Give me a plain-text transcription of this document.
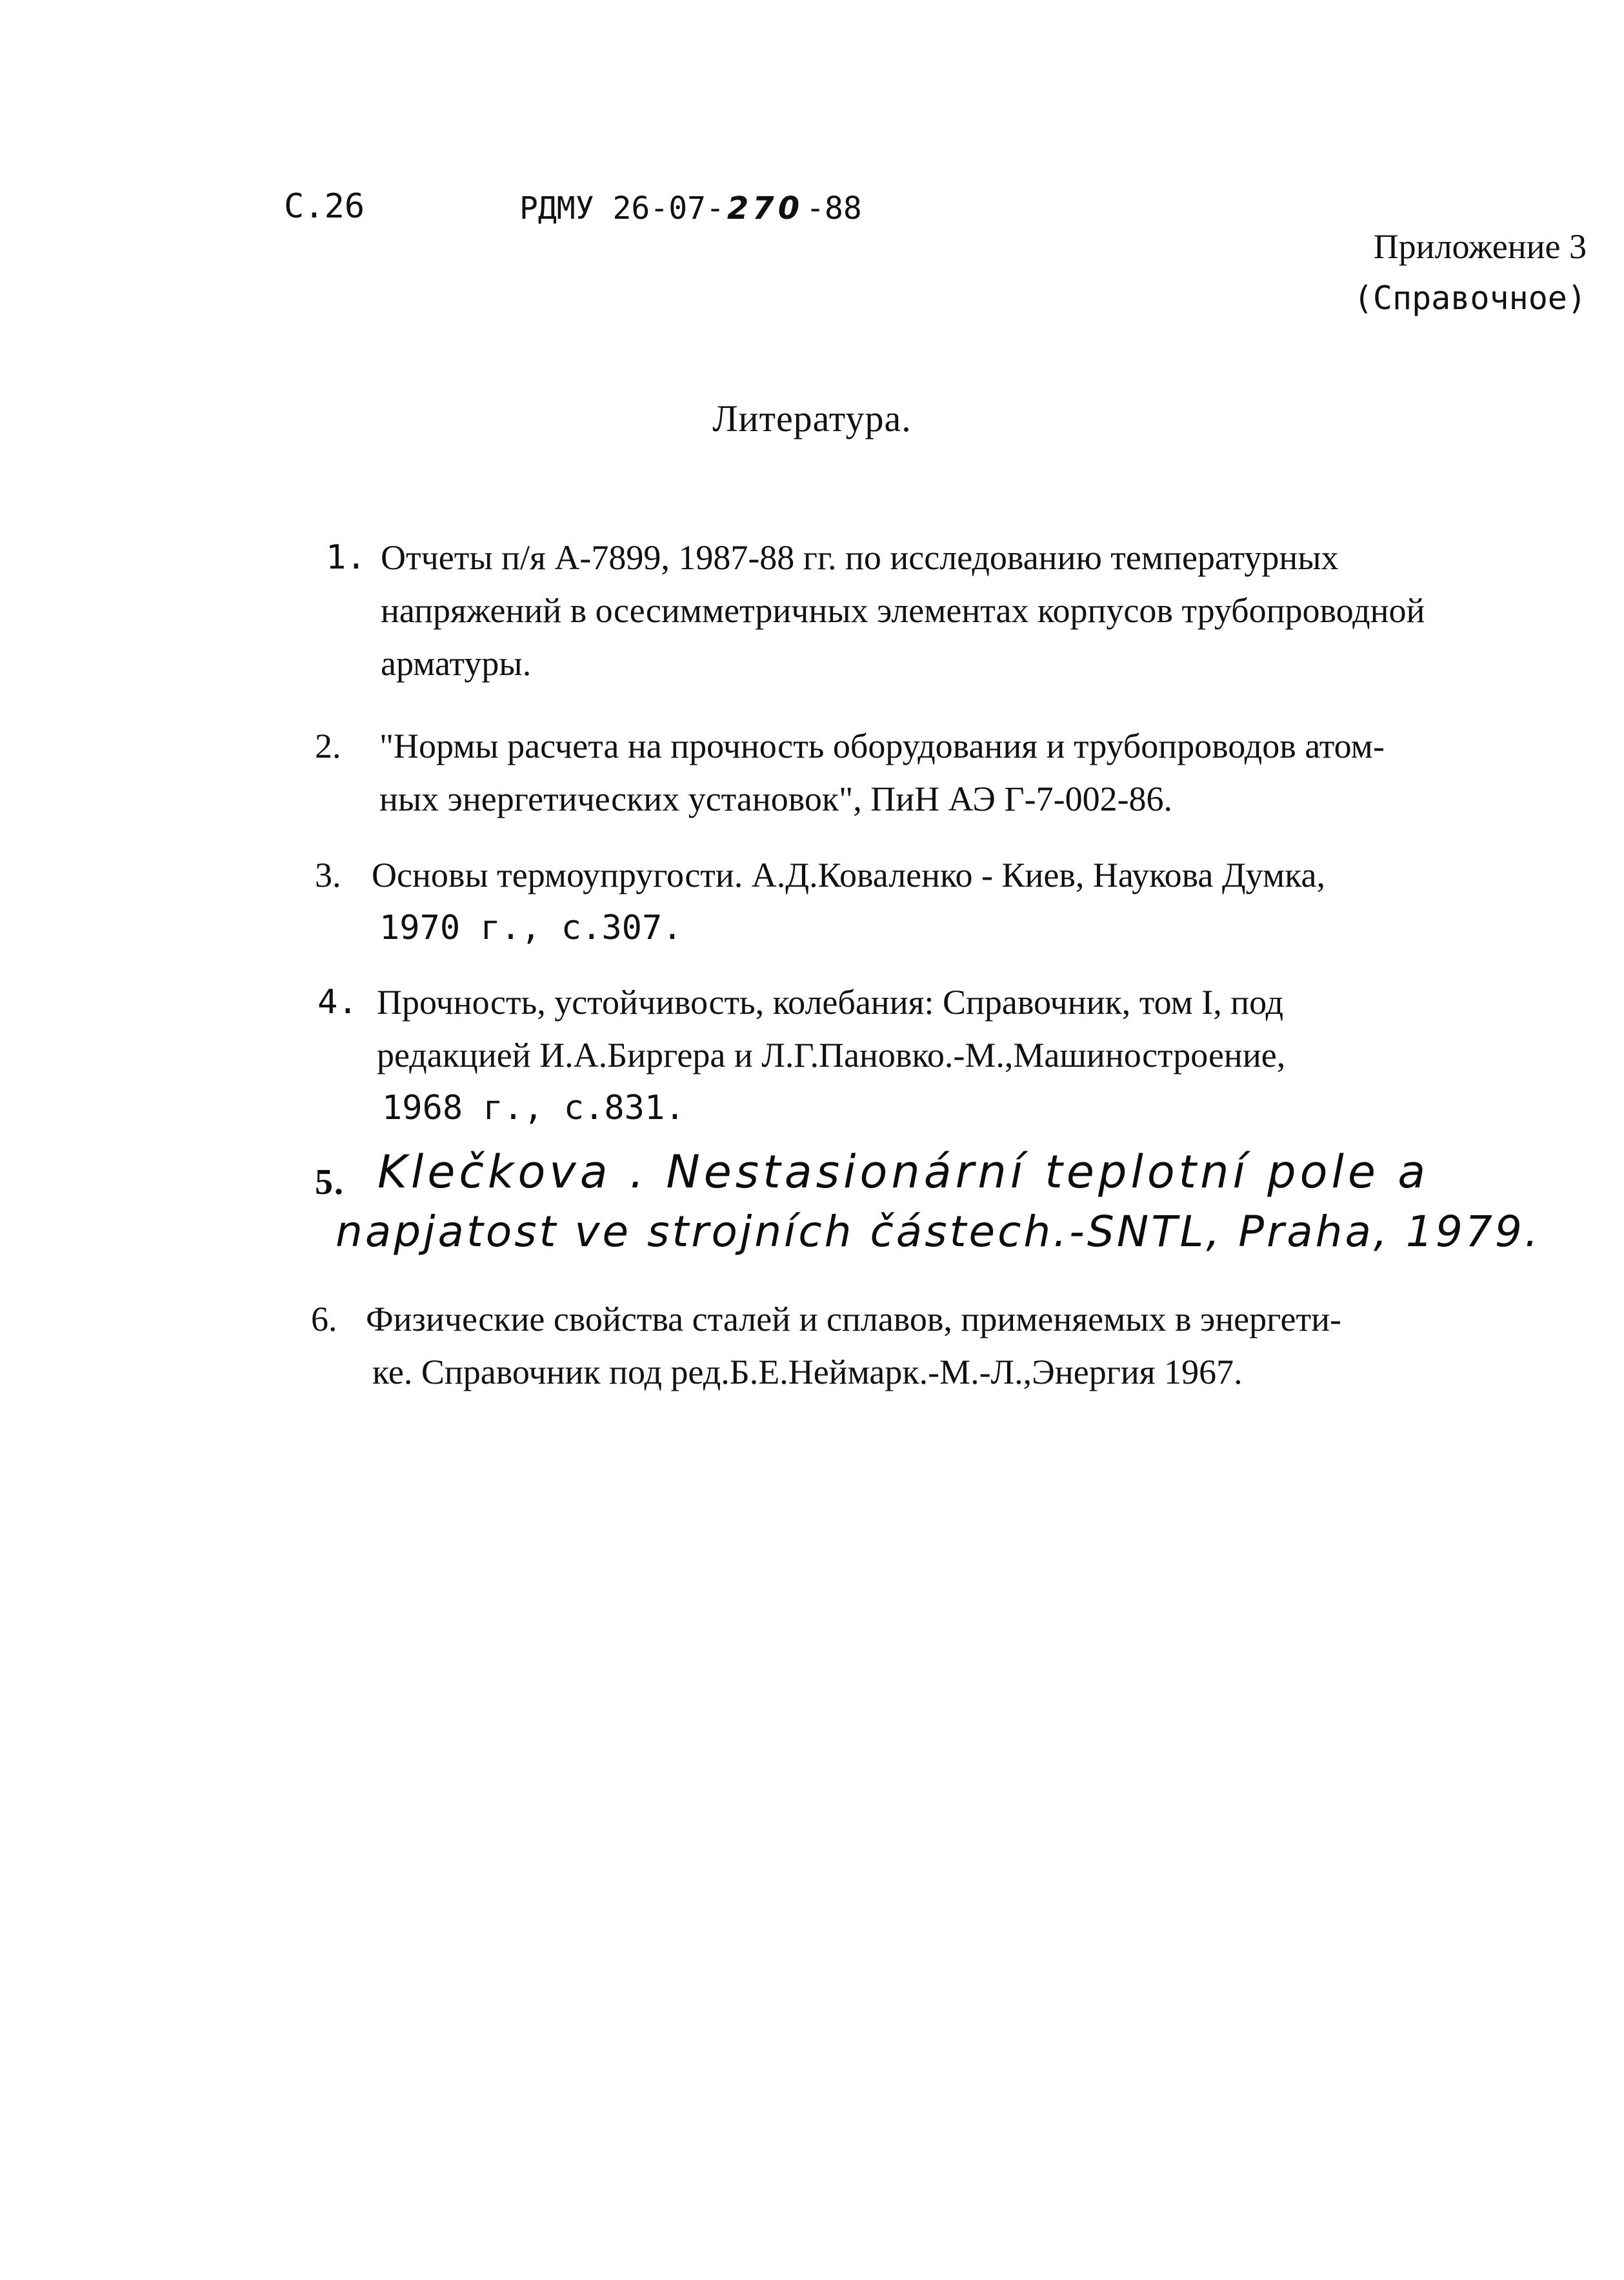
С.26	РДМУ 26-07-270-88
Приложение 3
(Справочное)
Литература.
1. Отчеты п/я А-7899, 1987-88 гг. по исследованию температурных
напряжений в осесимметричных элементах корпусов трубопроводной
арматуры.
2. "Нормы расчета на прочность оборудования и трубопроводов атом-
ных энергетических установок", ПиН АЭ Г-7-002-86.
3. Основы термоупругости. А.Д.Коваленко - Киев, Наукова Думка,
1970 г., с.307.
4. Прочность, устойчивость, колебания: Справочник, том I, под
редакцией И.А.Биргера и Л.Г.Пановко.-М.,Машиностроение,
1968 г., с.831.
5. Klečkova . Nestasionární teplotní pole a
napjatost ve strojních částech.-SNTL, Praha, 1979.
6. Физические свойства сталей и сплавов, применяемых в энергети-
ке. Справочник под ред.Б.Е.Неймарк.-М.-Л.,Энергия 1967.
